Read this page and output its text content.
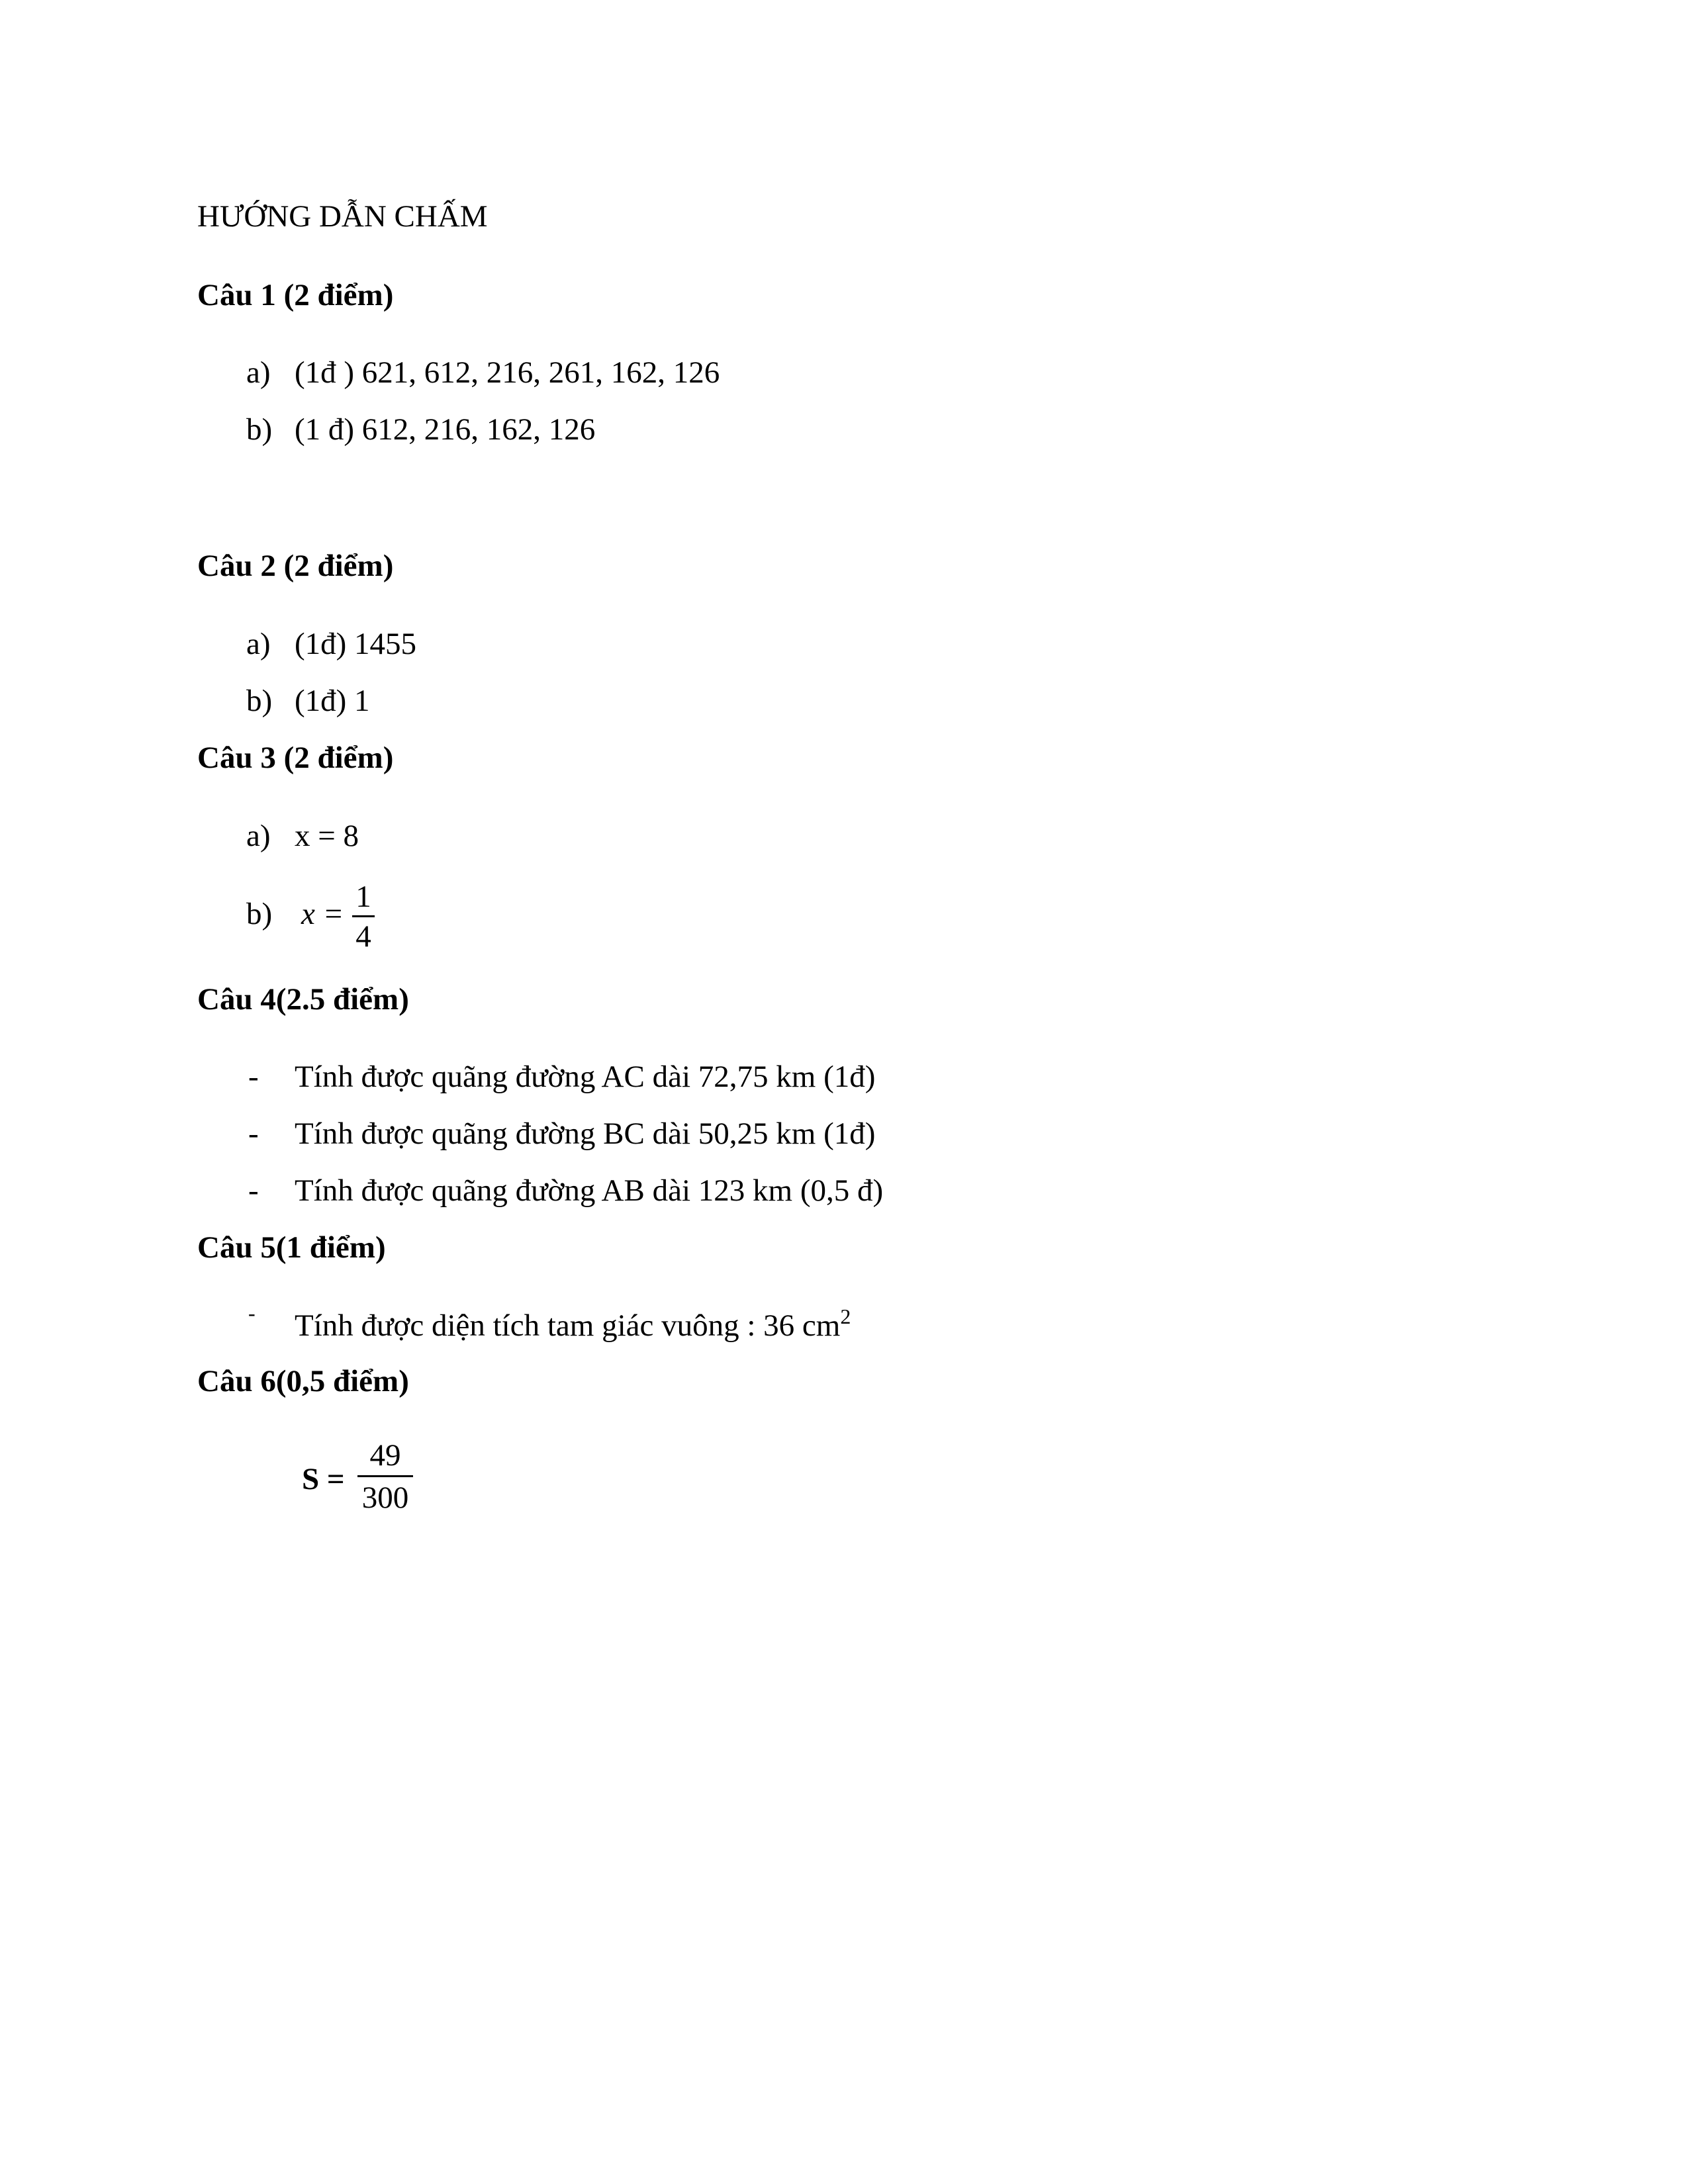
HƯỚNG DẪN CHẤM
Câu 1 (2 điểm)
a) (1đ ) 621, 612, 216, 261, 162, 126
b) (1 đ) 612, 216, 162, 126
Câu 2 (2 điểm)
a) (1đ) 1455
b) (1đ) 1
Câu 3 (2 điểm)
a) x = 8
b) x = 1
4
Câu 4(2.5 điểm)
- Tính được quãng đường AC dài 72,75 km (1đ)
- Tính được quãng đường BC dài 50,25 km (1đ)
- Tính được quãng đường AB dài 123 km (0,5 đ)
Câu 5(1 điểm)
- Tính được diện tích tam giác vuông : 36 $cm^2$
Câu 6(0,5 điểm)
S =
49
300
